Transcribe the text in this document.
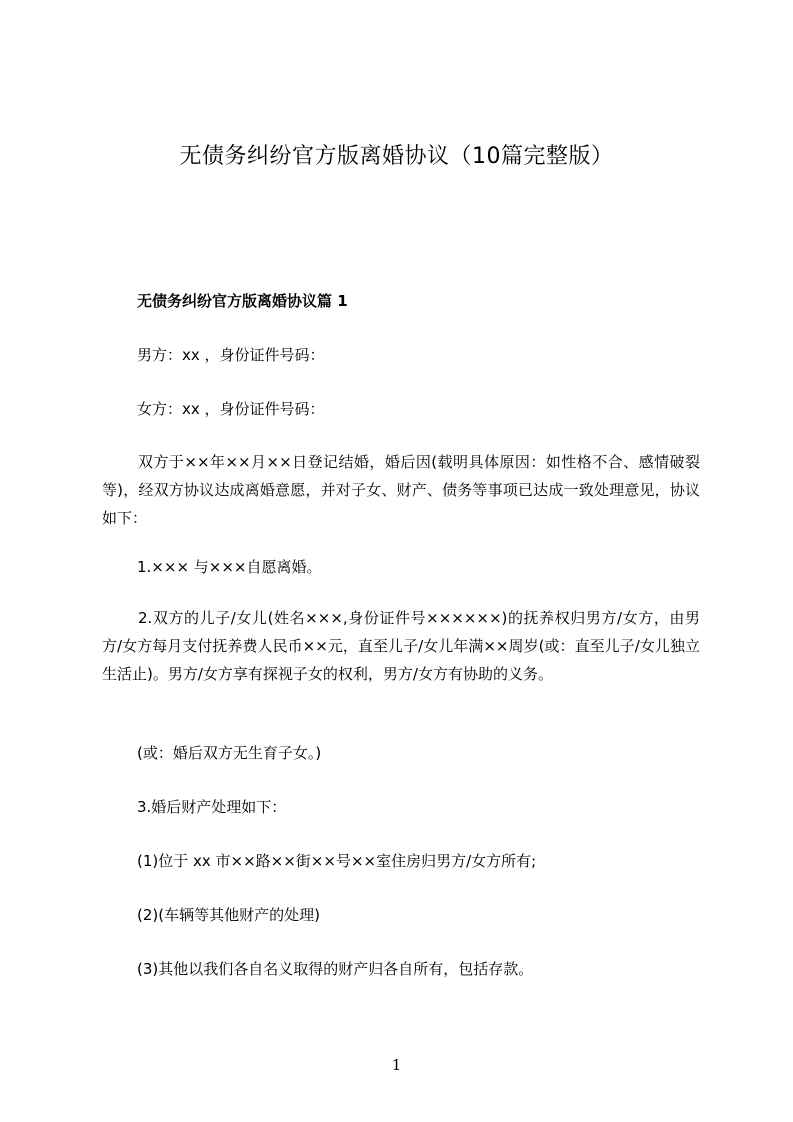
无债务纠纷官方版离婚协议（10篇完整版）
无债务纠纷官方版离婚协议篇 1
男方：xx ，身份证件号码：
女方：xx ，身份证件号码：
双方于××年××月××日登记结婚，婚后因(载明具体原因：如性格不合、感情破裂等)，经双方协议达成离婚意愿，并对子女、财产、债务等事项已达成一致处理意见，协议如下：
1.××× 与×××自愿离婚。
2.双方的儿子/女儿(姓名×××,身份证件号××××××)的抚养权归男方/女方，由男方/女方每月支付抚养费人民币××元，直至儿子/女儿年满××周岁(或：直至儿子/女儿独立生活止)。男方/女方享有探视子女的权利，男方/女方有协助的义务。
(或：婚后双方无生育子女。)
3.婚后财产处理如下：
(1)位于 xx 市××路××街××号××室住房归男方/女方所有;
(2)(车辆等其他财产的处理)
(3)其他以我们各自名义取得的财产归各自所有，包括存款。
1
